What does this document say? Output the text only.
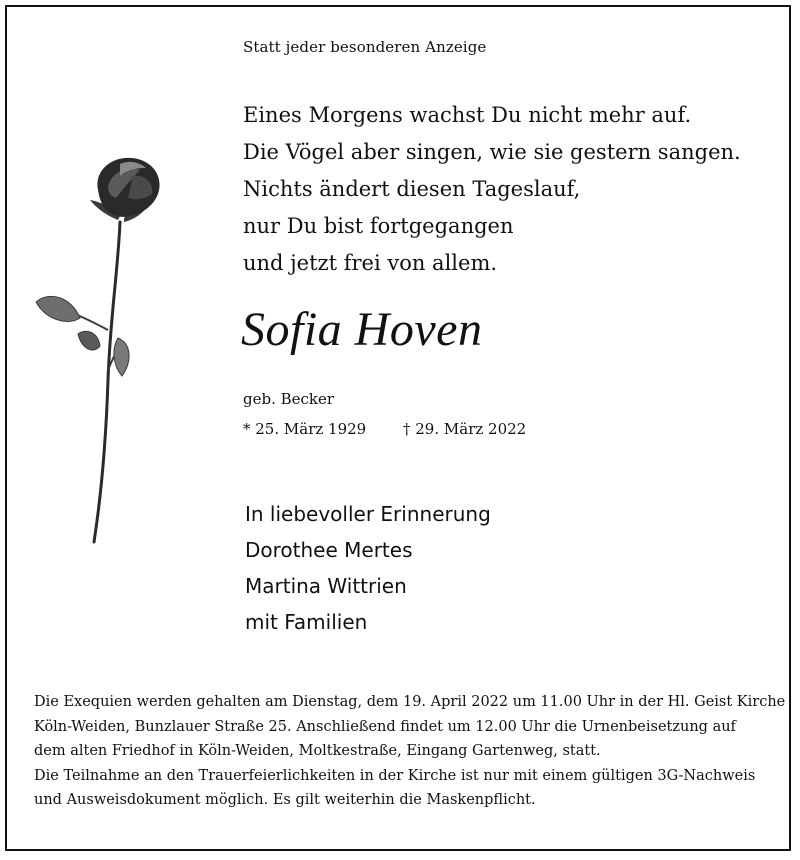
Statt jeder besonderen Anzeige
Eines Morgens wachst Du nicht mehr auf.
Die Vögel aber singen, wie sie gestern sangen.
Nichts ändert diesen Tageslauf,
nur Du bist fortgegangen
und jetzt frei von allem.
Sofia Hoven
geb. Becker
* 25. März 1929 † 29. März 2022
In liebevoller Erinnerung
Dorothee Mertes
Martina Wittrien
mit Familien
Die Exequien werden gehalten am Dienstag, dem 19. April 2022 um 11.00 Uhr in der Hl. Geist Kirche
Köln-Weiden, Bunzlauer Straße 25. Anschließend findet um 12.00 Uhr die Urnenbeisetzung auf
dem alten Friedhof in Köln-Weiden, Moltkestraße, Eingang Gartenweg, statt.
Die Teilnahme an den Trauerfeierlichkeiten in der Kirche ist nur mit einem gültigen 3G-Nachweis
und Ausweisdokument möglich. Es gilt weiterhin die Maskenpflicht.
